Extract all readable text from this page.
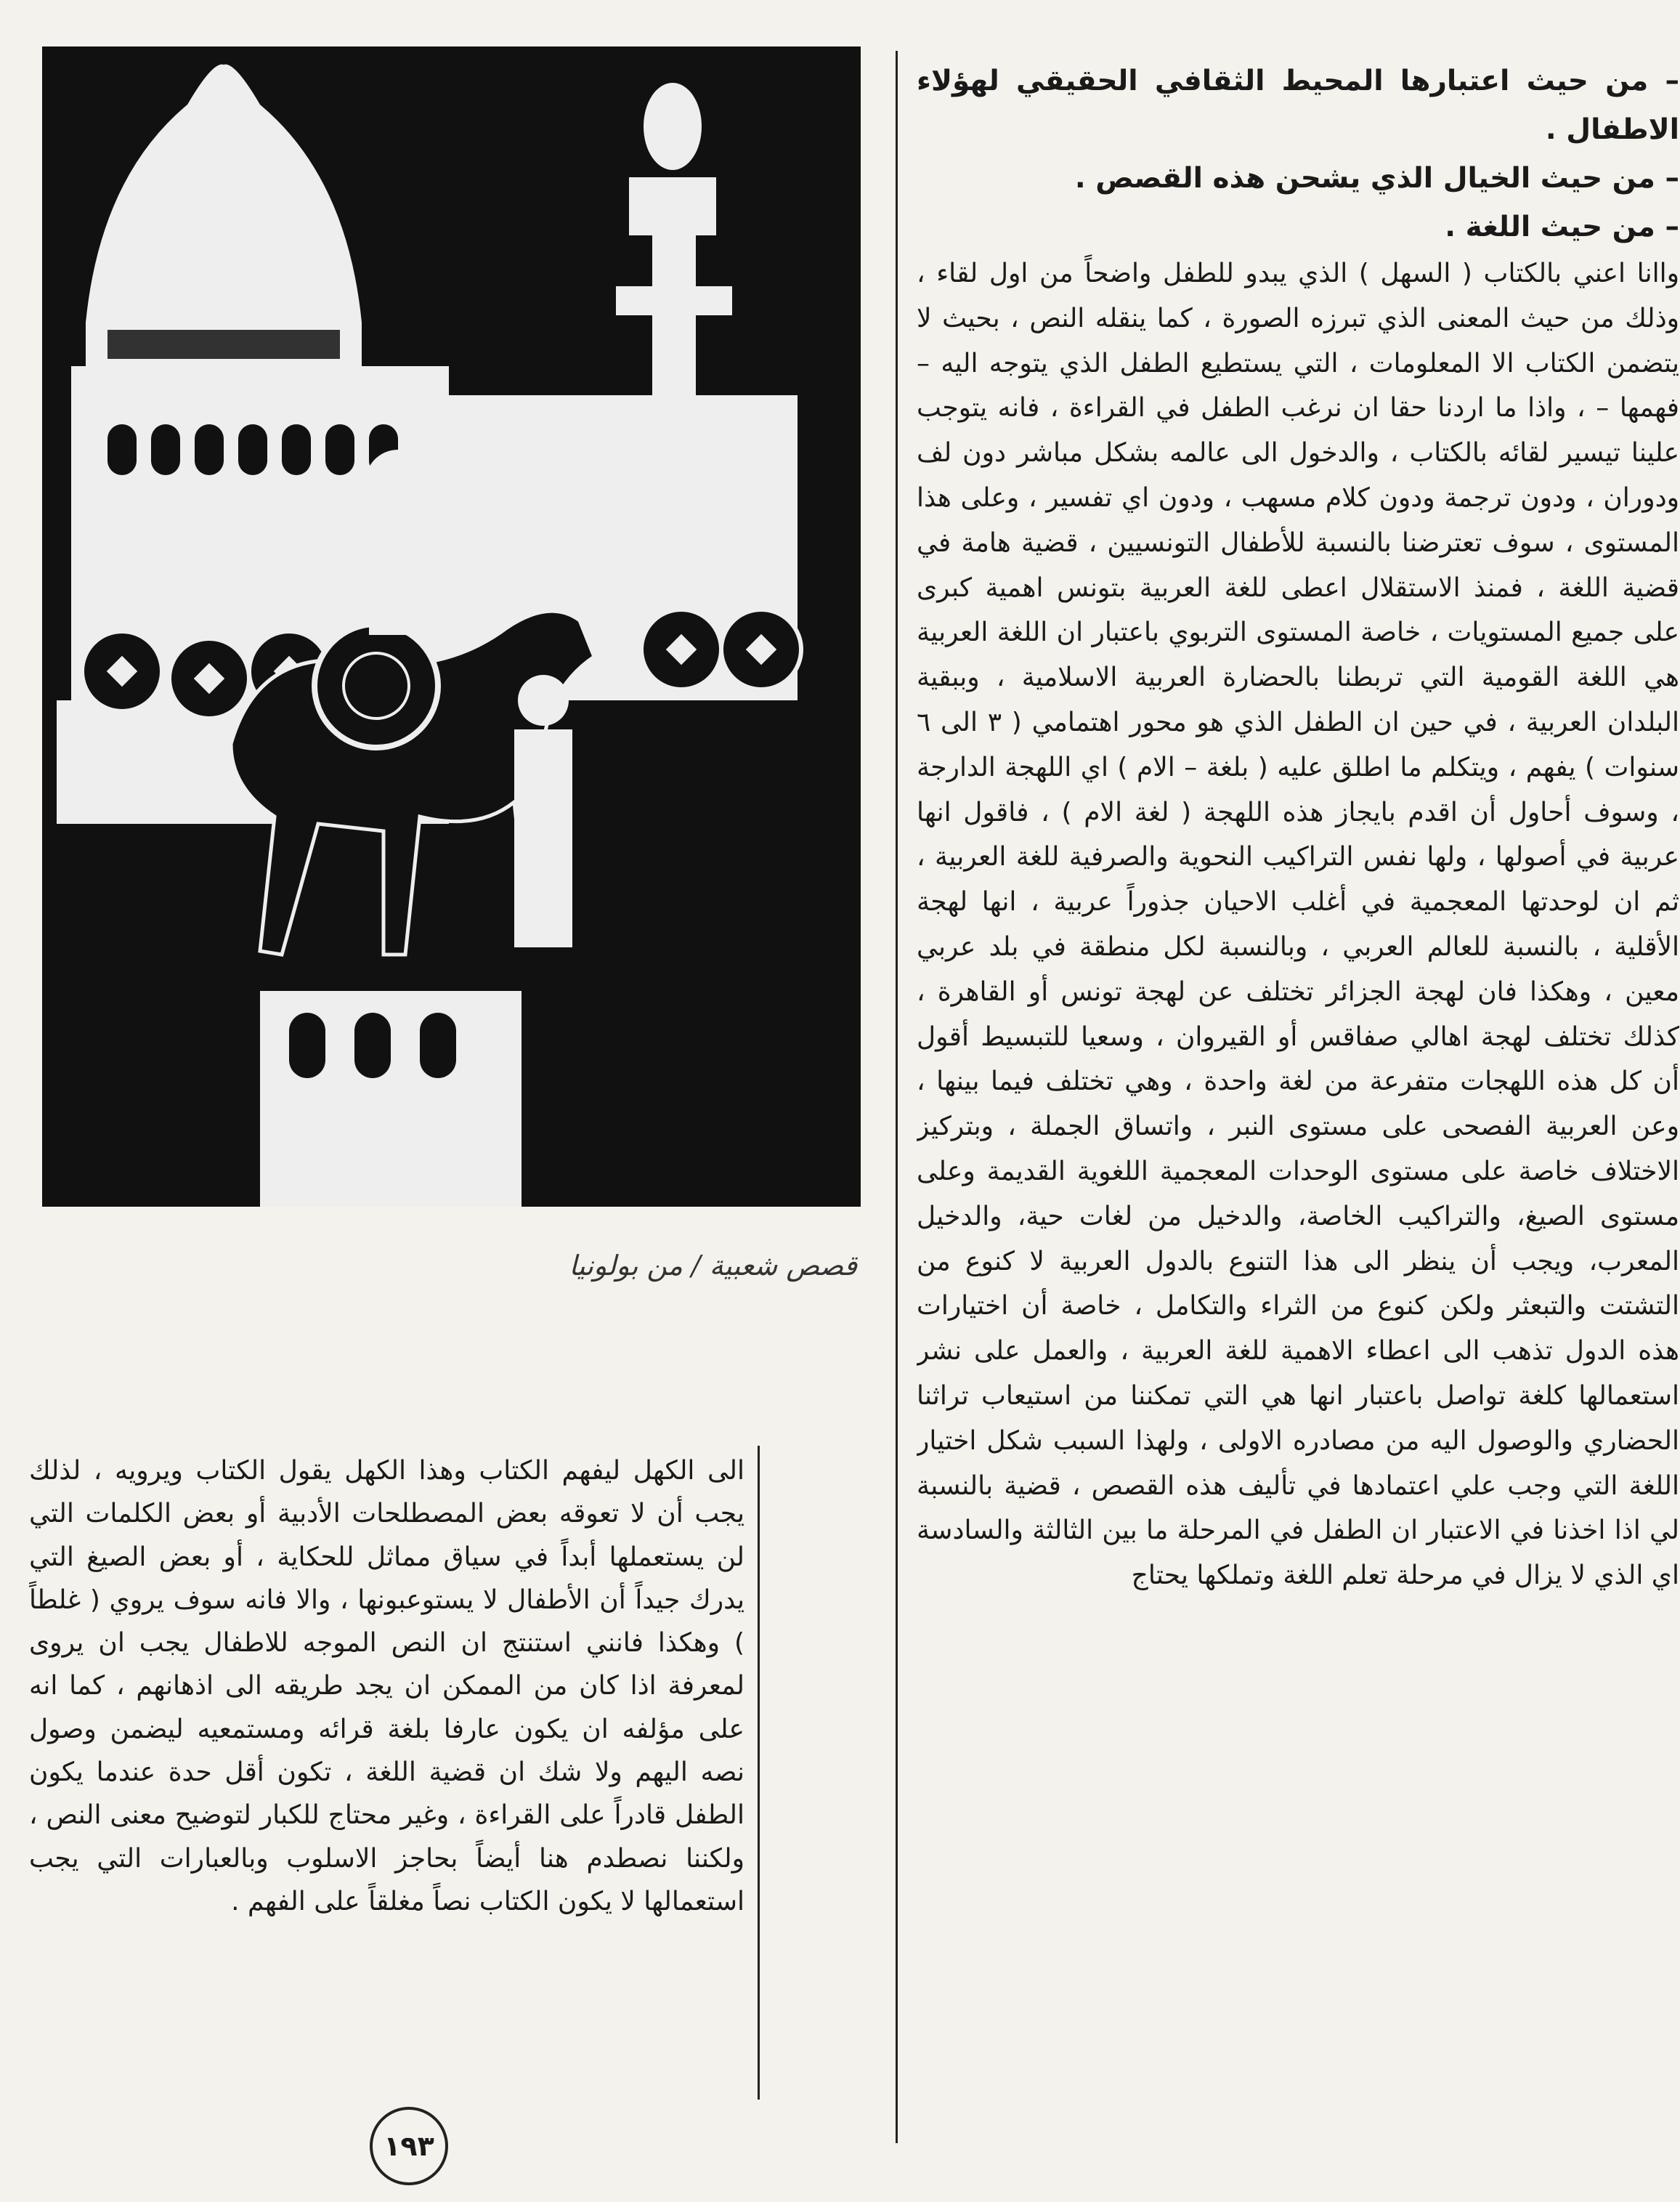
قصص شعبية / من بولونيا

– من حيث اعتبارها المحيط الثقافي الحقيقي لهؤلاء الاطفال .

– من حيث الخيال الذي يشحن هذه القصص .

– من حيث اللغة .

واانا اعني بالكتاب ( السهل ) الذي يبدو للطفل واضحاً من اول لقاء ، وذلك من حيث المعنى الذي تبرزه الصورة ، كما ينقله النص ، بحيث لا يتضمن الكتاب الا المعلومات ، التي يستطيع الطفل الذي يتوجه اليه – فهمها – ، واذا ما اردنا حقا ان نرغب الطفل في القراءة ، فانه يتوجب علينا تيسير لقائه بالكتاب ، والدخول الى عالمه بشكل مباشر دون لف ودوران ، ودون ترجمة ودون كلام مسهب ، ودون اي تفسير ، وعلى هذا المستوى ، سوف تعترضنا بالنسبة للأطفال التونسيين ، قضية هامة في قضية اللغة ، فمنذ الاستقلال اعطى للغة العربية بتونس اهمية كبرى على جميع المستويات ، خاصة المستوى التربوي باعتبار ان اللغة العربية هي اللغة القومية التي تربطنا بالحضارة العربية الاسلامية ، وببقية البلدان العربية ، في حين ان الطفل الذي هو محور اهتمامي ( ٣ الى ٦ سنوات ) يفهم ، ويتكلم ما اطلق عليه ( بلغة – الام ) اي اللهجة الدارجة ، وسوف أحاول أن اقدم بايجاز هذه اللهجة ( لغة الام ) ، فاقول انها عربية في أصولها ، ولها نفس التراكيب النحوية والصرفية للغة العربية ، ثم ان لوحدتها المعجمية في أغلب الاحيان جذوراً عربية ، انها لهجة الأقلية ، بالنسبة للعالم العربي ، وبالنسبة لكل منطقة في بلد عربي معين ، وهكذا فان لهجة الجزائر تختلف عن لهجة تونس أو القاهرة ، كذلك تختلف لهجة اهالي صفاقس أو القيروان ، وسعيا للتبسيط أقول أن كل هذه اللهجات متفرعة من لغة واحدة ، وهي تختلف فيما بينها ، وعن العربية الفصحى على مستوى النبر ، واتساق الجملة ، وبتركيز الاختلاف خاصة على مستوى الوحدات المعجمية اللغوية القديمة وعلى مستوى الصيغ، والتراكيب الخاصة، والدخيل من لغات حية، والدخيل المعرب، ويجب أن ينظر الى هذا التنوع بالدول العربية لا كنوع من التشتت والتبعثر ولكن كنوع من الثراء والتكامل ، خاصة أن اختيارات هذه الدول تذهب الى اعطاء الاهمية للغة العربية ، والعمل على نشر استعمالها كلغة تواصل باعتبار انها هي التي تمكننا من استيعاب تراثنا الحضاري والوصول اليه من مصادره الاولى ، ولهذا السبب شكل اختيار اللغة التي وجب علي اعتمادها في تأليف هذه القصص ، قضية بالنسبة لي اذا اخذنا في الاعتبار ان الطفل في المرحلة ما بين الثالثة والسادسة اي الذي لا يزال في مرحلة تعلم اللغة وتملكها يحتاج

الى الكهل ليفهم الكتاب وهذا الكهل يقول الكتاب ويرويه ، لذلك يجب أن لا تعوقه بعض المصطلحات الأدبية أو بعض الكلمات التي لن يستعملها أبداً في سياق مماثل للحكاية ، أو بعض الصيغ التي يدرك جيداً أن الأطفال لا يستوعبونها ، والا فانه سوف يروي ( غلطاً ) وهكذا فانني استنتج ان النص الموجه للاطفال يجب ان يروى لمعرفة اذا كان من الممكن ان يجد طريقه الى اذهانهم ، كما انه على مؤلفه ان يكون عارفا بلغة قرائه ومستمعيه ليضمن وصول نصه اليهم ولا شك ان قضية اللغة ، تكون أقل حدة عندما يكون الطفل قادراً على القراءة ، وغير محتاج للكبار لتوضيح معنى النص ، ولكننا نصطدم هنا أيضاً بحاجز الاسلوب وبالعبارات التي يجب استعمالها لا يكون الكتاب نصاً مغلقاً على الفهم .

١٩٣
